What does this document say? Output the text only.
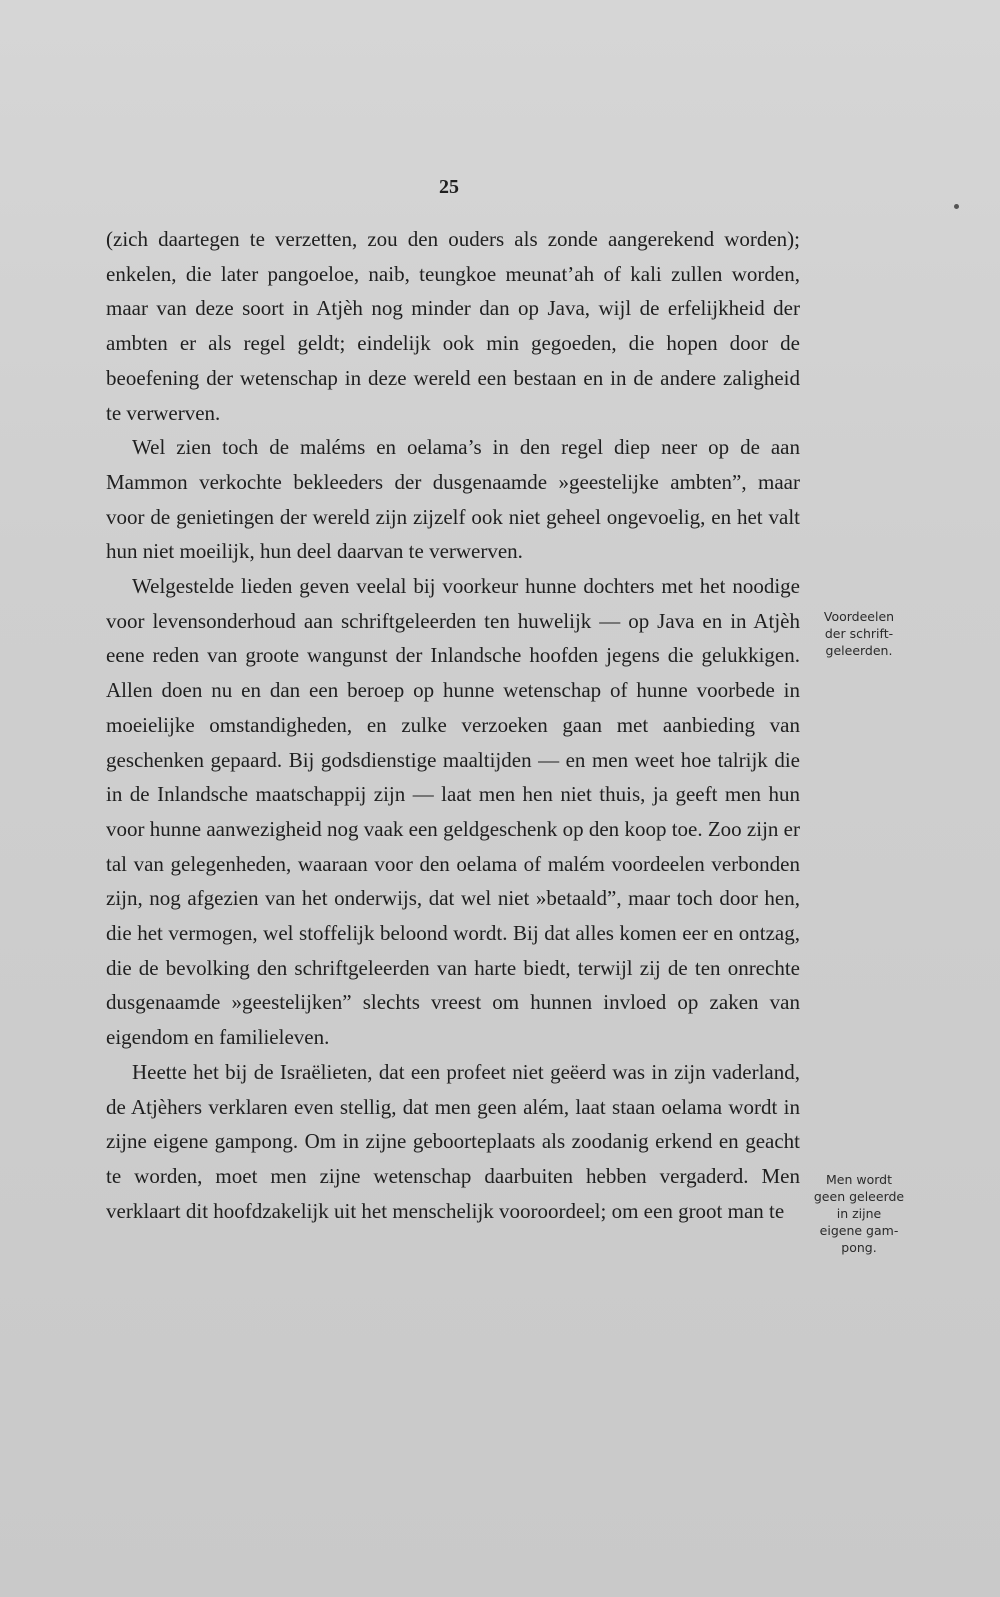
25

(zich daartegen te verzetten, zou den ouders als zonde aangerekend worden); enkelen, die later pangoeloe, naib, teungkoe meunat’ah of kali zullen worden, maar van deze soort in Atjèh nog minder dan op Java, wijl de erfelijkheid der ambten er als regel geldt; eindelijk ook min gegoeden, die hopen door de beoefening der wetenschap in deze wereld een bestaan en in de andere zaligheid te verwerven.

Wel zien toch de maléms en oelama’s in den regel diep neer op de aan Mammon verkochte bekleeders der dusgenaamde »geestelijke ambten”, maar voor de genietingen der wereld zijn zijzelf ook niet geheel ongevoelig, en het valt hun niet moeilijk, hun deel daarvan te verwerven.

Welgestelde lieden geven veelal bij voorkeur hunne dochters met het noodige voor levensonderhoud aan schriftgeleerden ten huwelijk — op Java en in Atjèh eene reden van groote wangunst der Inlandsche hoofden jegens die gelukkigen. Allen doen nu en dan een beroep op hunne wetenschap of hunne voorbede in moeielijke omstandigheden, en zulke verzoeken gaan met aanbieding van geschenken gepaard. Bij godsdienstige maaltijden — en men weet hoe talrijk die in de Inlandsche maatschappij zijn — laat men hen niet thuis, ja geeft men hun voor hunne aanwezigheid nog vaak een geldgeschenk op den koop toe. Zoo zijn er tal van gelegenheden, waaraan voor den oelama of malém voordeelen verbonden zijn, nog afgezien van het onderwijs, dat wel niet »betaald”, maar toch door hen, die het vermogen, wel stoffelijk beloond wordt. Bij dat alles komen eer en ontzag, die de bevolking den schriftgeleerden van harte biedt, terwijl zij de ten onrechte dusgenaamde »geestelijken” slechts vreest om hunnen invloed op zaken van eigendom en familieleven.

Heette het bij de Israëlieten, dat een profeet niet geëerd was in zijn vaderland, de Atjèhers verklaren even stellig, dat men geen além, laat staan oelama wordt in zijne eigene gampong. Om in zijne geboorteplaats als zoodanig erkend en geacht te worden, moet men zijne wetenschap daarbuiten hebben vergaderd. Men verklaart dit hoofdzakelijk uit het menschelijk vooroordeel; om een groot man te

Voordeelen
der schrift-
geleerden.
Men wordt
geen geleerde
in zijne
eigene gam-
pong.
